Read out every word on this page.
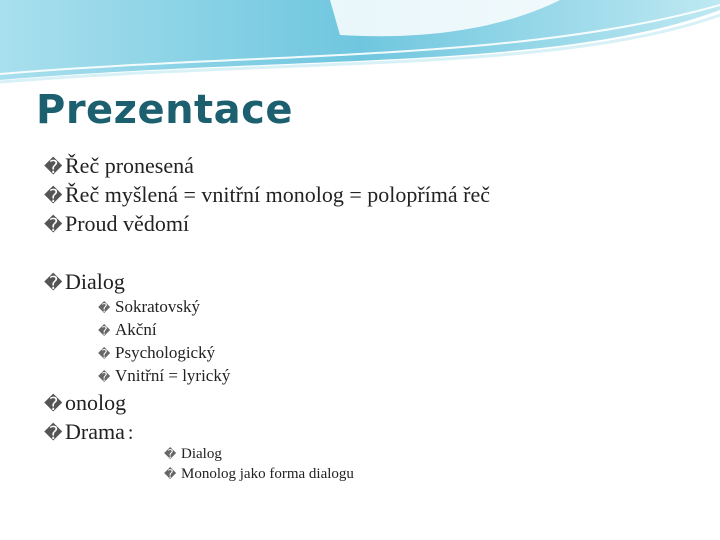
Prezentace
� Řeč pronesená
� Řeč myšlená = vnitřní monolog = polopřímá řeč
� Proud vědomí
� Dialog
� Sokratovský
� Akční
� Psychologický
� Vnitřní = lyrický
� onolog
� Drama :
� Dialog
� Monolog jako forma dialogu
